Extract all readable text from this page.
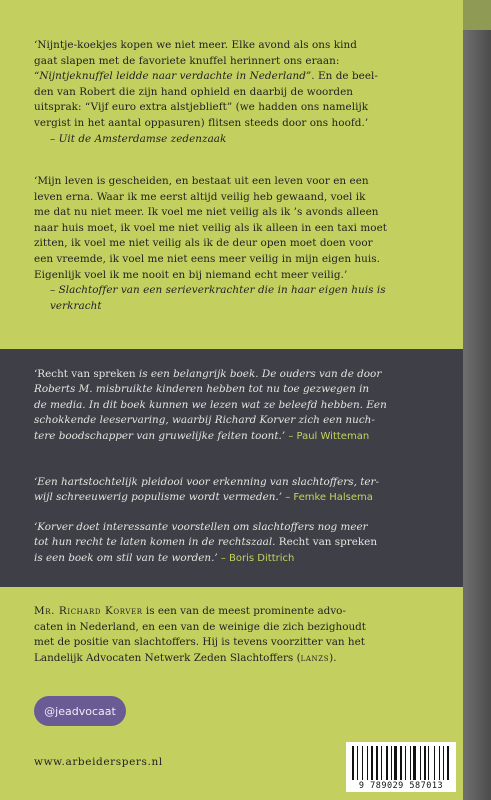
‘Nijntje-koekjes kopen we niet meer. Elke avond als ons kind

gaat slapen met de favoriete knuffel herinnert ons eraan:

“Nijntjeknuffel leidde naar verdachte in Nederland”. En de beel-

den van Robert die zijn hand ophield en daarbij de woorden

uitsprak: “Vijf euro extra alstjeblieft” (we hadden ons namelijk

vergist in het aantal oppasuren) flitsen steeds door ons hoofd.’

– Uit de Amsterdamse zedenzaak

‘Mijn leven is gescheiden, en bestaat uit een leven voor en een

leven erna. Waar ik me eerst altijd veilig heb gewaand, voel ik

me dat nu niet meer. Ik voel me niet veilig als ik ’s avonds alleen

naar huis moet, ik voel me niet veilig als ik alleen in een taxi moet

zitten, ik voel me niet veilig als ik de deur open moet doen voor

een vreemde, ik voel me niet eens meer veilig in mijn eigen huis.

Eigenlijk voel ik me nooit en bij niemand echt meer veilig.’

– Slachtoffer van een serieverkrachter die in haar eigen huis is

verkracht

‘Recht van spreken is een belangrijk boek. De ouders van de door
Roberts M. misbruikte kinderen hebben tot nu toe gezwegen in
de media. In dit boek kunnen we lezen wat ze beleefd hebben. Een
schokkende leeservaring, waarbij Richard Korver zich een nuch-
tere boodschapper van gruwelijke feiten toont.’ – Paul Witteman
‘Een hartstochtelijk pleidooi voor erkenning van slachtoffers, ter-
wijl schreeuwerig populisme wordt vermeden.’ – Femke Halsema
‘Korver doet interessante voorstellen om slachtoffers nog meer
tot hun recht te laten komen in de rechtszaal. Recht van spreken
is een boek om stil van te worden.’ – Boris Dittrich
Mr. Richard Korver is een van de meest prominente advo-
caten in Nederland, en een van de weinige die zich bezighoudt
met de positie van slachtoffers. Hij is tevens voorzitter van het
Landelijk Advocaten Netwerk Zeden Slachtoffers (lanzs).
@jeadvocaat
www.arbeiderspers.nl
9 789029 587013
